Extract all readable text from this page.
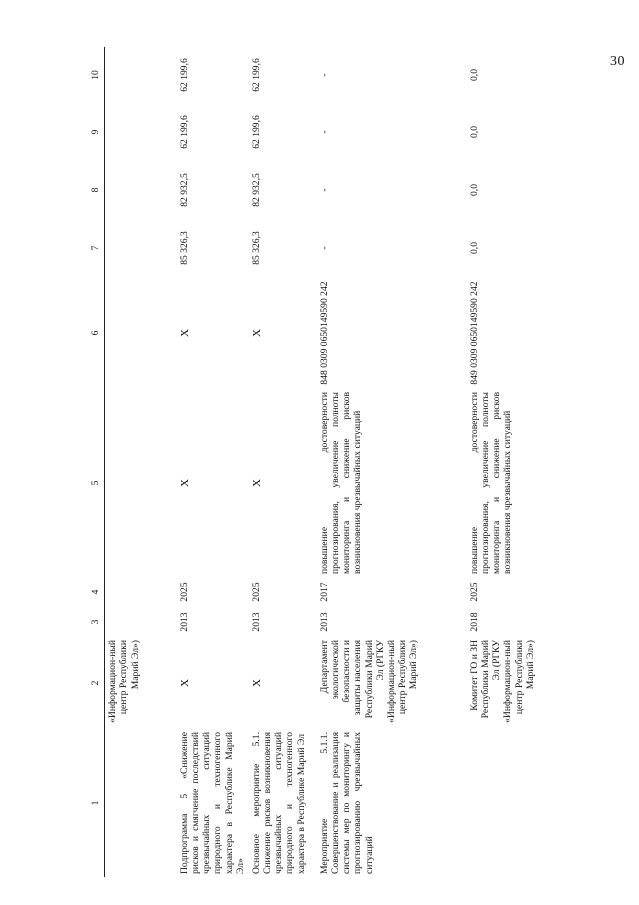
30
1	2	3	4	5	6	7	8	9	10
	«Информацион-ный центр Республики Марий Эл»)								
Подпрограмма 5 «Снижение рисков и смягчение последствий чрезвычайных ситуаций природного и техногенного характера в Республике Марий Эл»	X	2013	2025	X	X	85 326,3	82 932,5	62 199,6	62 199,6
Основное мероприятие 5.1. Снижение рисков возникновения чрезвычайных ситуаций природного и техногенного характера в Республике Марий Эл	X	2013	2025	X	X	85 326,3	82 932,5	62 199,6	62 199,6
Мероприятие 5.1.1. Совершенствование и реализация системы мер по мониторингу и прогнозированию чрезвычайных ситуаций	Департамент экологической безопасности и защиты населения Республики Марий Эл (РГКУ «Информацион-ный центр Республики Марий Эл»)	2013	2017	повышение достоверности прогнозирования, увеличение полноты мониторинга и снижение рисков возникновения чрезвычайных ситуаций	848 0309 0650149590 242	-	-	-	-
	Комитет ГО и ЗН Республики Марий Эл (РГКУ «Информацион-ный центр Республики Марий Эл»)	2018	2025	повышение достоверности прогнозирования, увеличение полноты мониторинга и снижение рисков возникновения чрезвычайных ситуаций	849 0309 0650149590 242	0,0	0,0	0,0	0,0
